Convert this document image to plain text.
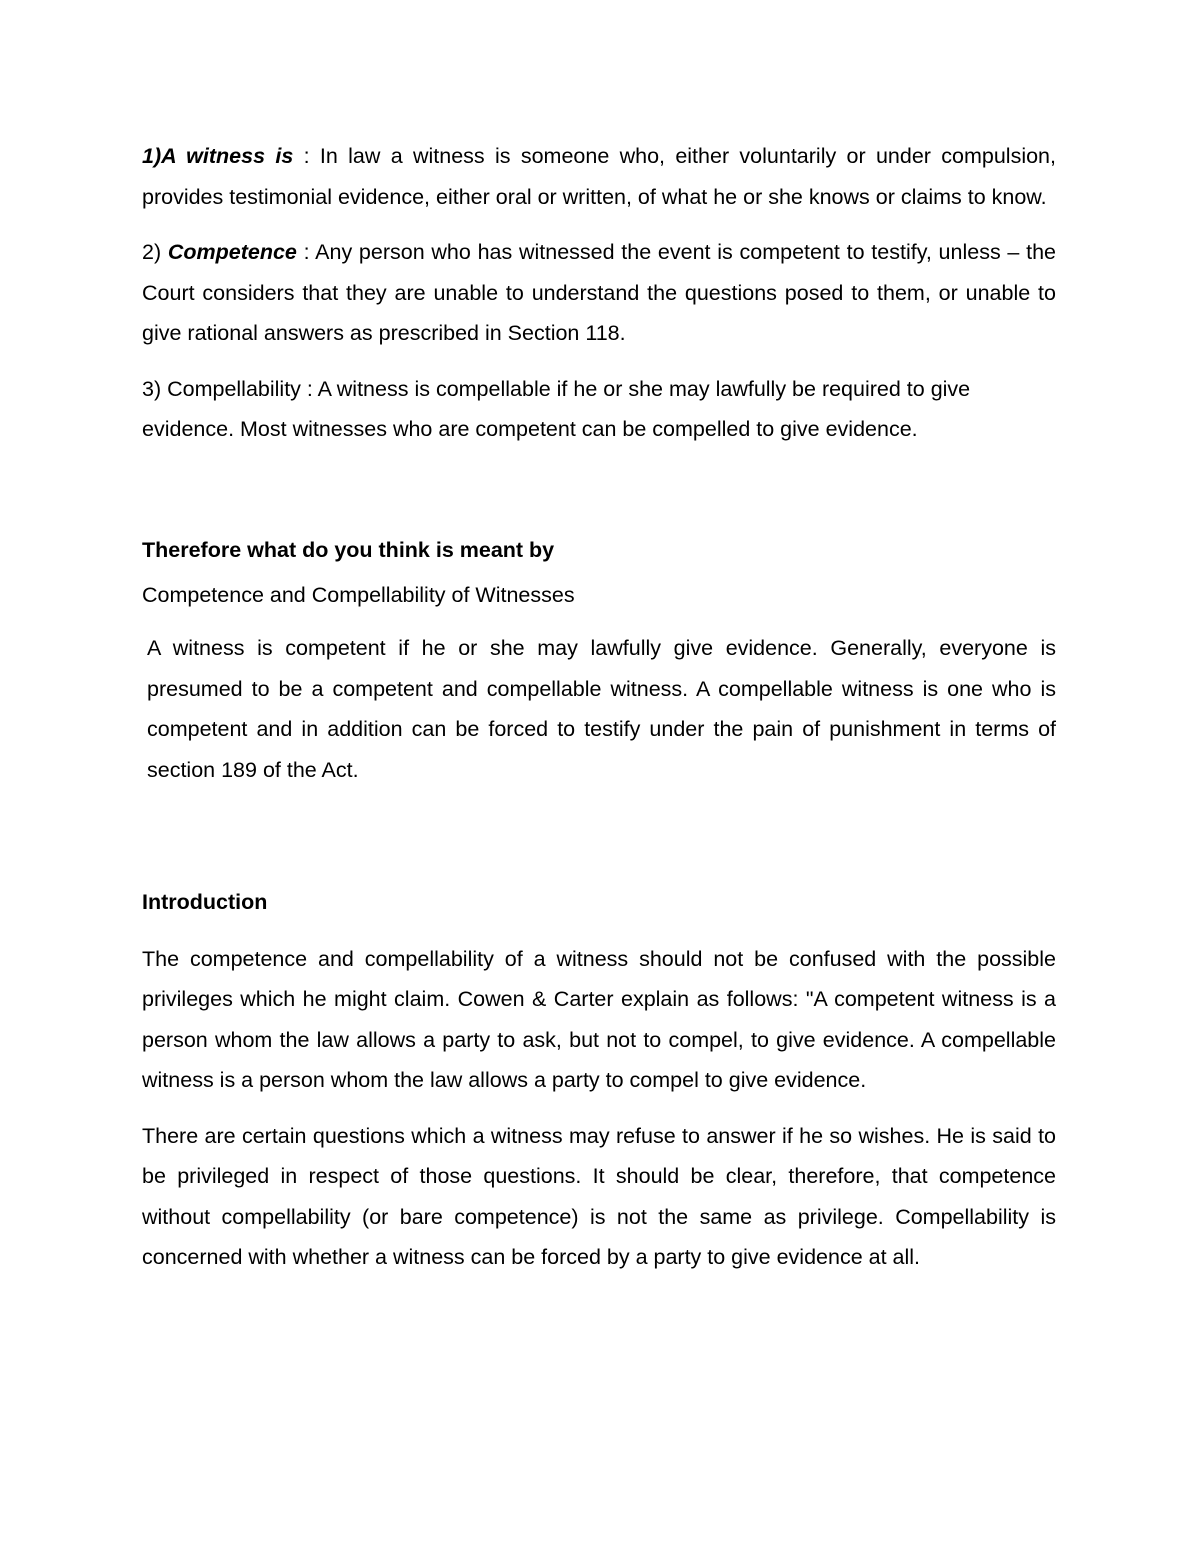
1)A witness is : In law a witness is someone who, either voluntarily or under compulsion, provides testimonial evidence, either oral or written, of what he or she knows or claims to know.

2) Competence : Any person who has witnessed the event is competent to testify, unless – the Court considers that they are unable to understand the questions posed to them, or unable to give rational answers as prescribed in Section 118.

3) Compellability : A witness is compellable if he or she may lawfully be required to give evidence. Most witnesses who are competent can be compelled to give evidence.

Therefore what do you think is meant by

Competence and Compellability of Witnesses

A witness is competent if he or she may lawfully give evidence. Generally, everyone is presumed to be a competent and compellable witness. A compellable witness is one who is competent and in addition can be forced to testify under the pain of punishment in terms of section 189 of the Act.

Introduction

The competence and compellability of a witness should not be confused with the possible privileges which he might claim. Cowen & Carter explain as follows: "A competent witness is a person whom the law allows a party to ask, but not to compel, to give evidence. A compellable witness is a person whom the law allows a party to compel to give evidence.

There are certain questions which a witness may refuse to answer if he so wishes. He is said to be privileged in respect of those questions. It should be clear, therefore, that competence without compellability (or bare competence) is not the same as privilege. Compellability is concerned with whether a witness can be forced by a party to give evidence at all.
